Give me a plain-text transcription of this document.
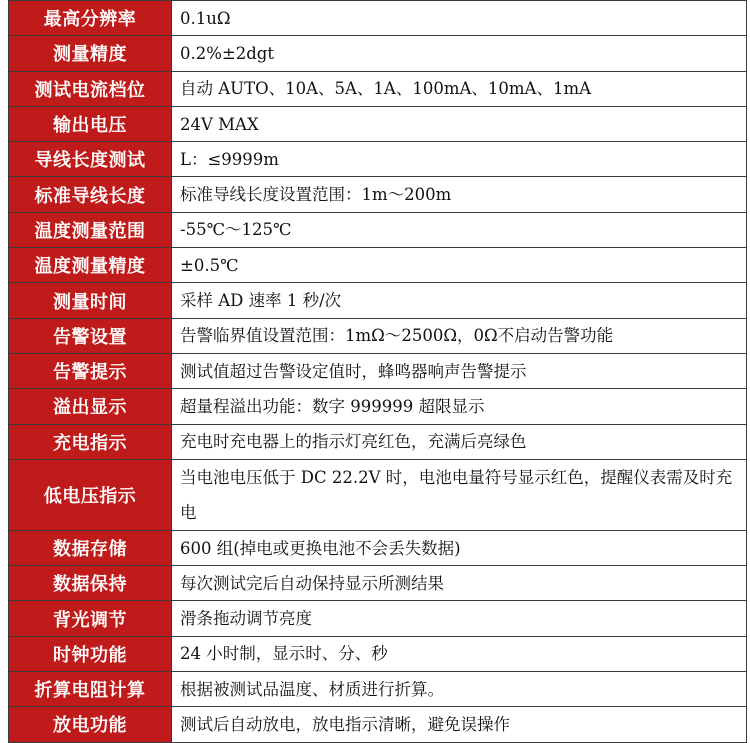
最高分辨率	0.1uΩ
测量精度	0.2%±2dgt
测试电流档位	自动 AUTO、10A、5A、1A、100mA、10mA、1mA
输出电压	24V MAX
导线长度测试	L：≤9999m
标准导线长度	标准导线长度设置范围：1m～200m
温度测量范围	-55℃～125℃
温度测量精度	±0.5℃
测量时间	采样 AD 速率 1 秒/次
告警设置	告警临界值设置范围：1mΩ～2500Ω，0Ω不启动告警功能
告警提示	测试值超过告警设定值时，蜂鸣器响声告警提示
溢出显示	超量程溢出功能：数字 999999 超限显示
充电指示	充电时充电器上的指示灯亮红色，充满后亮绿色
低电压指示	当电池电压低于 DC 22.2V 时，电池电量符号显示红色，提醒仪表需及时充电
数据存储	600 组(掉电或更换电池不会丢失数据)
数据保持	每次测试完后自动保持显示所测结果
背光调节	滑条拖动调节亮度
时钟功能	24 小时制，显示时、分、秒
折算电阻计算	根据被测试品温度、材质进行折算。
放电功能	测试后自动放电，放电指示清晰，避免误操作
